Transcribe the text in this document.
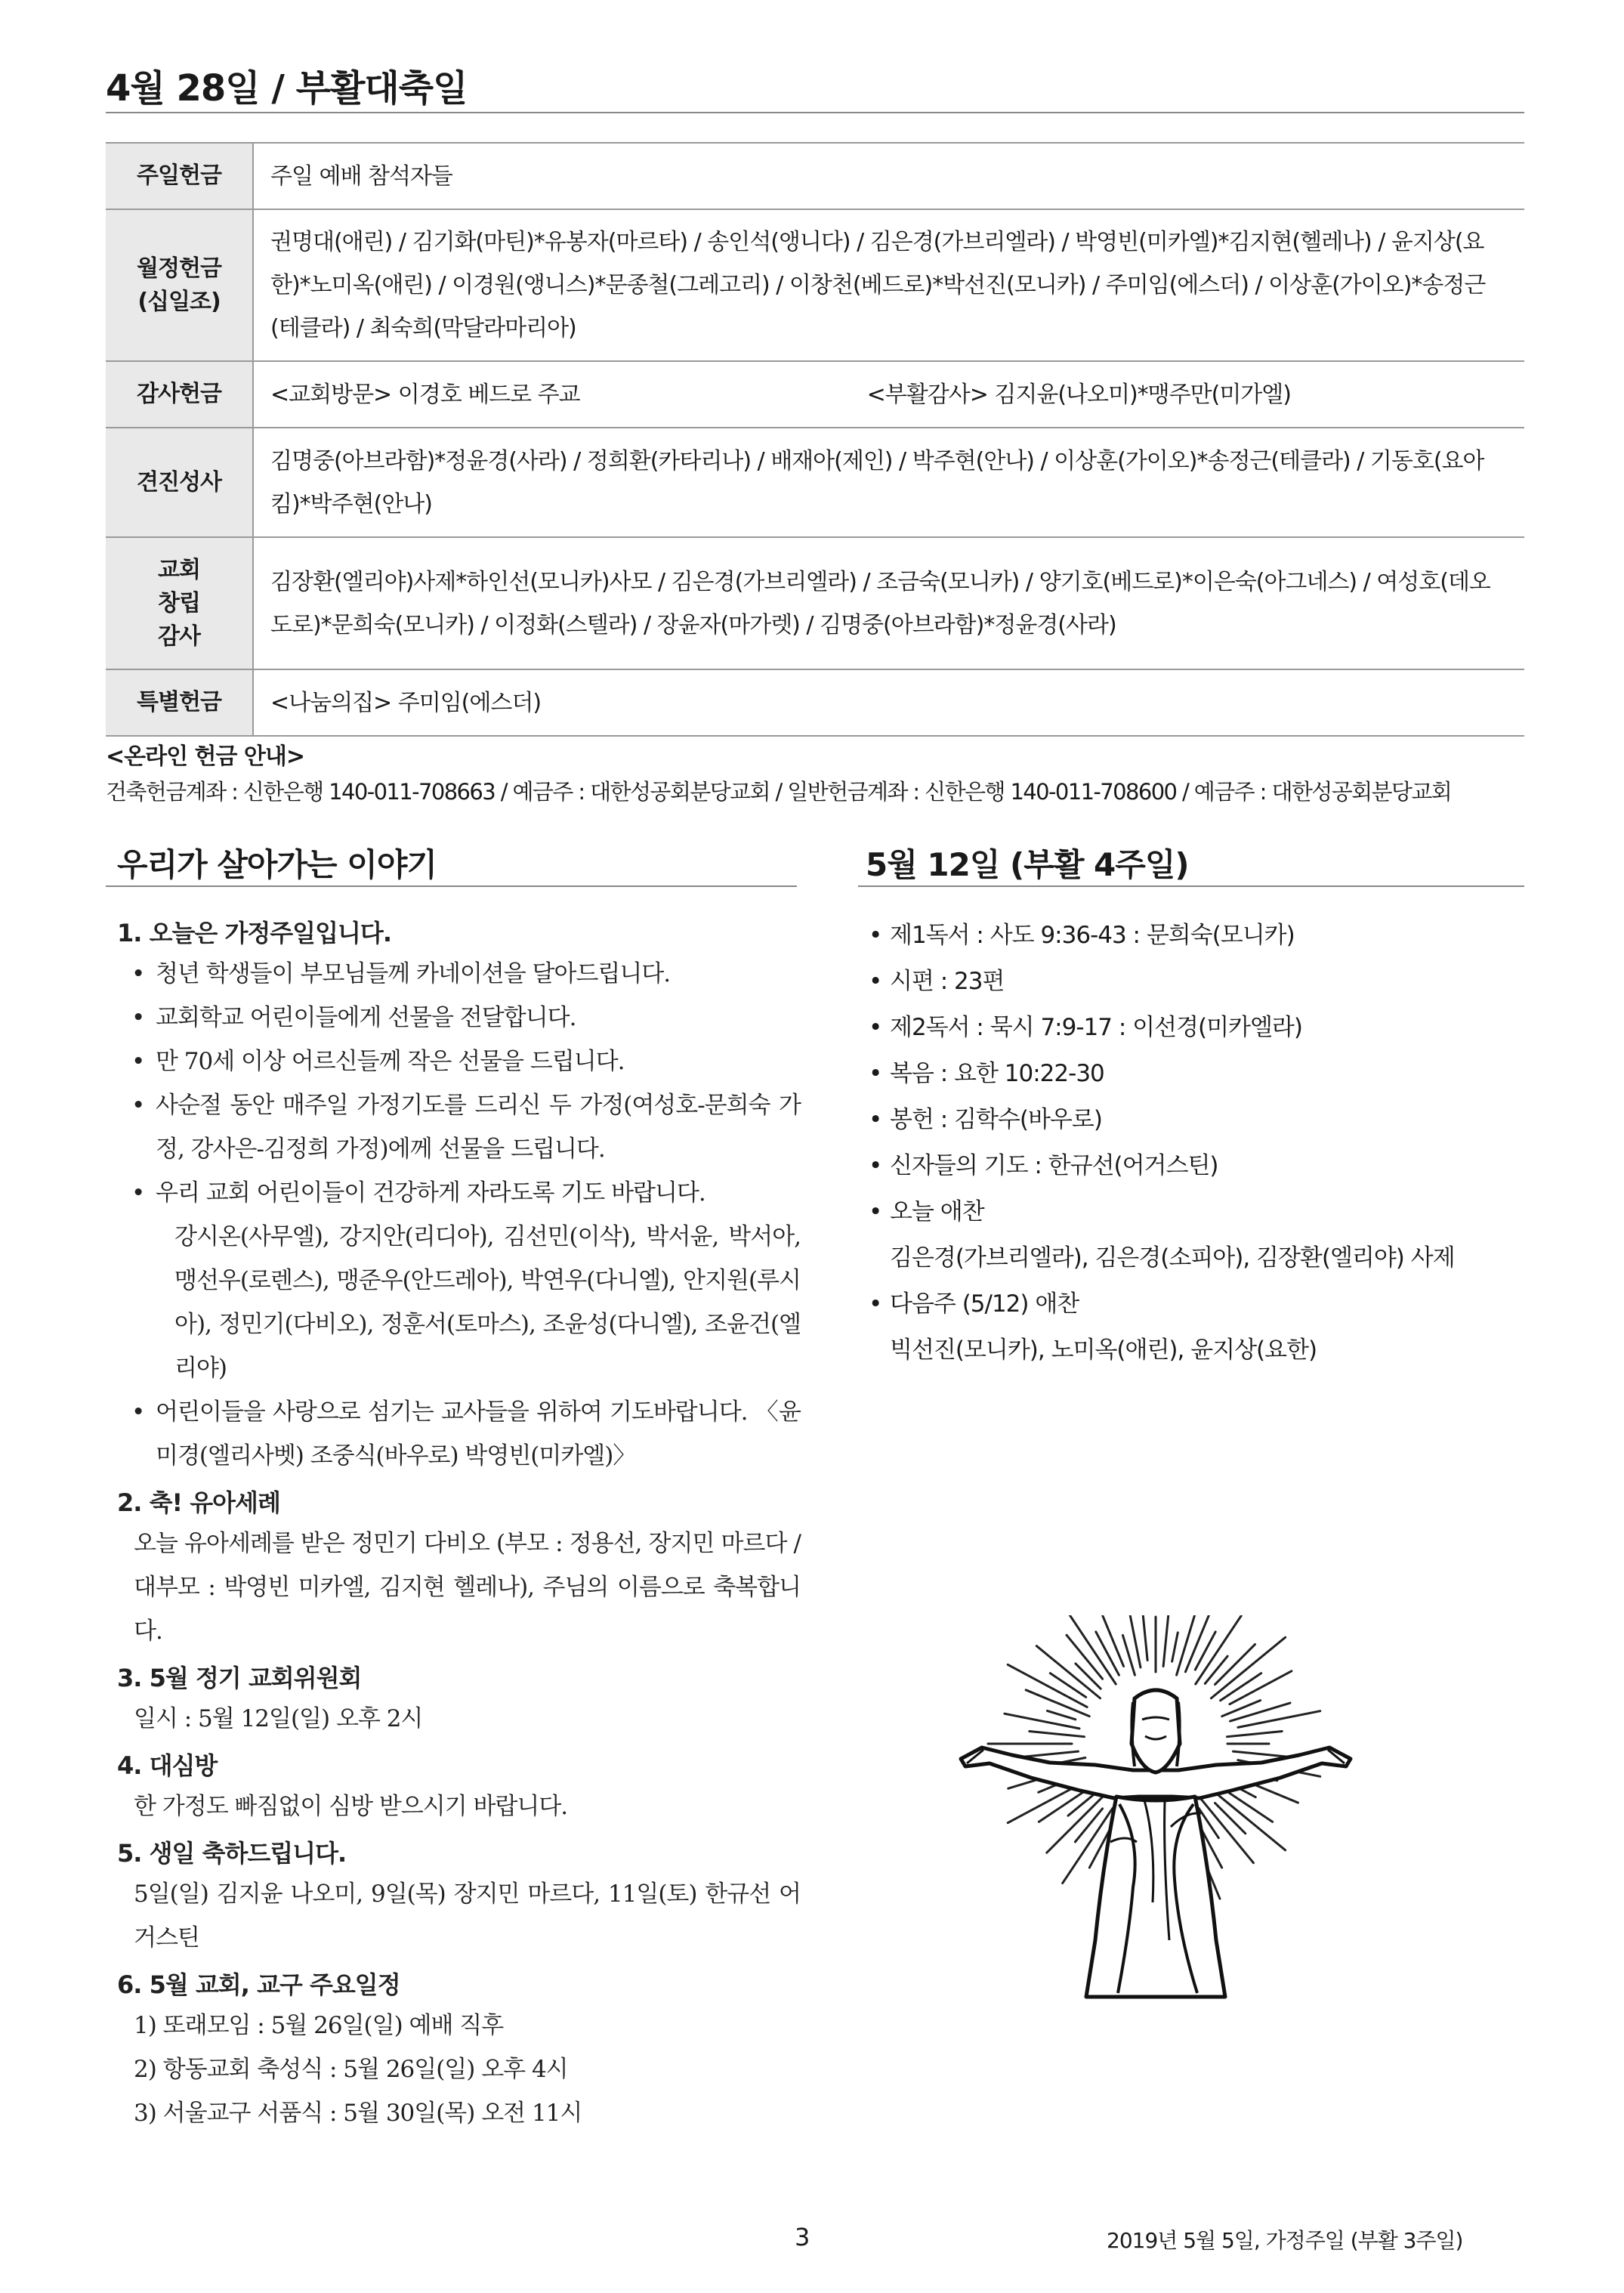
4월 28일 / 부활대축일
주일헌금	주일 예배 참석자들

월정헌금
(십일조)	권명대(애린) / 김기화(마틴)*유봉자(마르타) / 송인석(앵니다) / 김은경(가브리엘라) / 박영빈(미카엘)*김지현(헬레나) / 윤지상(요한)*노미옥(애린) / 이경원(앵니스)*문종철(그레고리) / 이창천(베드로)*박선진(모니카) / 주미임(에스더) / 이상훈(가이오)*송정근(테클라) / 최숙희(막달라마리아)
감사헌금	<교회방문> 이경호 베드로 주교 <부활감사> 김지윤(나오미)*맹주만(미가엘)
견진성사	김명중(아브라함)*정윤경(사라) / 정희환(카타리나) / 배재아(제인) / 박주현(안나) / 이상훈(가이오)*송정근(테클라) / 기동호(요아킴)*박주현(안나)

교회
창립
감사	김장환(엘리야)사제*하인선(모니카)사모 / 김은경(가브리엘라) / 조금숙(모니카) / 양기호(베드로)*이은숙(아그네스) / 여성호(데오도로)*문희숙(모니카) / 이정화(스텔라) / 장윤자(마가렛) / 김명중(아브라함)*정윤경(사라)
특별헌금	<나눔의집> 주미임(에스더)
<온라인 헌금 안내>
건축헌금계좌 : 신한은행 140-011-708663 / 예금주 : 대한성공회분당교회 / 일반헌금계좌 : 신한은행 140-011-708600 / 예금주 : 대한성공회분당교회
우리가 살아가는 이야기	5월 12일 (부활 4주일)
1. 오늘은 가정주일입니다.
• 청년 학생들이 부모님들께 카네이션을 달아드립니다.
• 교회학교 어린이들에게 선물을 전달합니다.
• 만 70세 이상 어르신들께 작은 선물을 드립니다.
• 사순절 동안 매주일 가정기도를 드리신 두 가정(여성호-문희숙 가정, 강사은-김정희 가정)에께 선물을 드립니다.
• 우리 교회 어린이들이 건강하게 자라도록 기도 바랍니다.
강시온(사무엘), 강지안(리디아), 김선민(이삭), 박서윤, 박서아, 맹선우(로렌스), 맹준우(안드레아), 박연우(다니엘), 안지원(루시아), 정민기(다비오), 정훈서(토마스), 조윤성(다니엘), 조윤건(엘리야)
• 어린이들을 사랑으로 섬기는 교사들을 위하여 기도바랍니다. 〈윤미경(엘리사벳) 조중식(바우로) 박영빈(미카엘)〉
2. 축! 유아세례
오늘 유아세례를 받은 정민기 다비오 (부모 : 정용선, 장지민 마르다 / 대부모 : 박영빈 미카엘, 김지현 헬레나), 주님의 이름으로 축복합니다.
3. 5월 정기 교회위원회
일시 : 5월 12일(일) 오후 2시
4. 대심방
한 가정도 빠짐없이 심방 받으시기 바랍니다.
5. 생일 축하드립니다.
5일(일) 김지윤 나오미, 9일(목) 장지민 마르다, 11일(토) 한규선 어거스틴
6. 5월 교회, 교구 주요일정
1) 또래모임 : 5월 26일(일) 예배 직후
2) 항동교회 축성식 : 5월 26일(일) 오후 4시
3) 서울교구 서품식 : 5월 30일(목) 오전 11시
• 제1독서 : 사도 9:36-43 : 문희숙(모니카)
• 시편 : 23편
• 제2독서 : 묵시 7:9-17 : 이선경(미카엘라)
• 복음 : 요한 10:22-30
• 봉헌 : 김학수(바우로)
• 신자들의 기도 : 한규선(어거스틴)
• 오늘 애찬
김은경(가브리엘라), 김은경(소피아), 김장환(엘리야) 사제
• 다음주 (5/12) 애찬
빅선진(모니카), 노미옥(애린), 윤지상(요한)
3	2019년 5월 5일, 가정주일 (부활 3주일)
